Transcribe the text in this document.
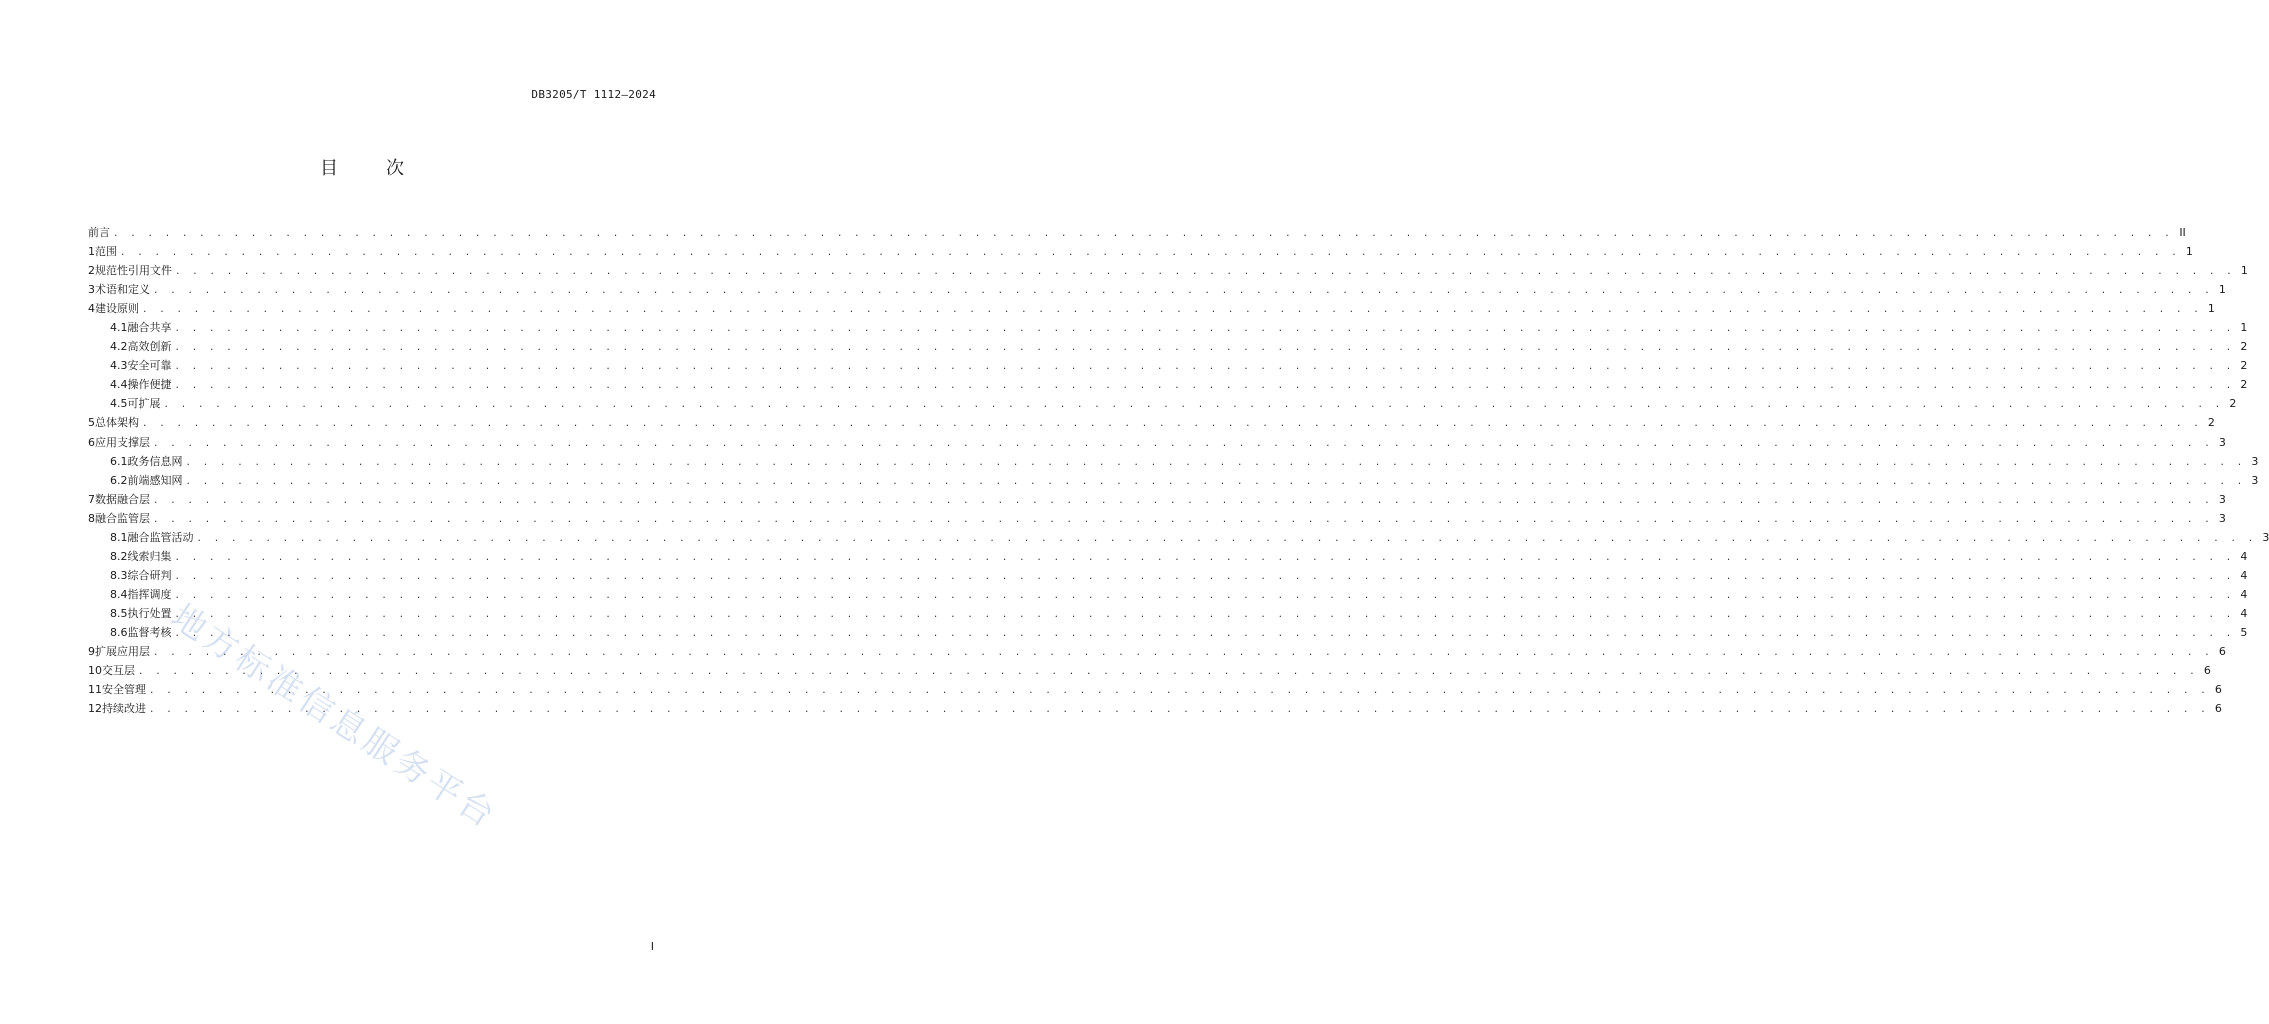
DB3205/T 1112—2024
目	次
前言 . . . . . . . . . . . . . . . . . . . . . . . . . . . . . . . . . . . . . . . . . . . . . . . . . . . . . . . . . . . . . . . . . . . . . . . . . . . . . . . . . . . . . . . . . . . . . . . . . . . . . . . . . . . . . . . . . . . . . . . . II
1 范围 . . . . . . . . . . . . . . . . . . . . . . . . . . . . . . . . . . . . . . . . . . . . . . . . . . . . . . . . . . . . . . . . . . . . . . . . . . . . . . . . . . . . . . . . . . . . . . . . . . . . . . . . . . . . . . . . . . . . . . . . 1
2 规范性引用文件 . . . . . . . . . . . . . . . . . . . . . . . . . . . . . . . . . . . . . . . . . . . . . . . . . . . . . . . . . . . . . . . . . . . . . . . . . . . . . . . . . . . . . . . . . . . . . . . . . . . . . . . . . . . . . . . . . . . . . . . . 1
3 术语和定义 . . . . . . . . . . . . . . . . . . . . . . . . . . . . . . . . . . . . . . . . . . . . . . . . . . . . . . . . . . . . . . . . . . . . . . . . . . . . . . . . . . . . . . . . . . . . . . . . . . . . . . . . . . . . . . . . . . . . . . . . 1
4 建设原则 . . . . . . . . . . . . . . . . . . . . . . . . . . . . . . . . . . . . . . . . . . . . . . . . . . . . . . . . . . . . . . . . . . . . . . . . . . . . . . . . . . . . . . . . . . . . . . . . . . . . . . . . . . . . . . . . . . . . . . . . 1
4.1 融合共享 . . . . . . . . . . . . . . . . . . . . . . . . . . . . . . . . . . . . . . . . . . . . . . . . . . . . . . . . . . . . . . . . . . . . . . . . . . . . . . . . . . . . . . . . . . . . . . . . . . . . . . . . . . . . . . . . . . . . . . . . 1
4.2 高效创新 . . . . . . . . . . . . . . . . . . . . . . . . . . . . . . . . . . . . . . . . . . . . . . . . . . . . . . . . . . . . . . . . . . . . . . . . . . . . . . . . . . . . . . . . . . . . . . . . . . . . . . . . . . . . . . . . . . . . . . . . 2
4.3 安全可靠 . . . . . . . . . . . . . . . . . . . . . . . . . . . . . . . . . . . . . . . . . . . . . . . . . . . . . . . . . . . . . . . . . . . . . . . . . . . . . . . . . . . . . . . . . . . . . . . . . . . . . . . . . . . . . . . . . . . . . . . . 2
4.4 操作便捷 . . . . . . . . . . . . . . . . . . . . . . . . . . . . . . . . . . . . . . . . . . . . . . . . . . . . . . . . . . . . . . . . . . . . . . . . . . . . . . . . . . . . . . . . . . . . . . . . . . . . . . . . . . . . . . . . . . . . . . . . 2
4.5 可扩展 . . . . . . . . . . . . . . . . . . . . . . . . . . . . . . . . . . . . . . . . . . . . . . . . . . . . . . . . . . . . . . . . . . . . . . . . . . . . . . . . . . . . . . . . . . . . . . . . . . . . . . . . . . . . . . . . . . . . . . . . 2
5 总体架构 . . . . . . . . . . . . . . . . . . . . . . . . . . . . . . . . . . . . . . . . . . . . . . . . . . . . . . . . . . . . . . . . . . . . . . . . . . . . . . . . . . . . . . . . . . . . . . . . . . . . . . . . . . . . . . . . . . . . . . . . 2
6 应用支撑层 . . . . . . . . . . . . . . . . . . . . . . . . . . . . . . . . . . . . . . . . . . . . . . . . . . . . . . . . . . . . . . . . . . . . . . . . . . . . . . . . . . . . . . . . . . . . . . . . . . . . . . . . . . . . . . . . . . . . . . . . 3
6.1 政务信息网 . . . . . . . . . . . . . . . . . . . . . . . . . . . . . . . . . . . . . . . . . . . . . . . . . . . . . . . . . . . . . . . . . . . . . . . . . . . . . . . . . . . . . . . . . . . . . . . . . . . . . . . . . . . . . . . . . . . . . . . . 3
6.2 前端感知网 . . . . . . . . . . . . . . . . . . . . . . . . . . . . . . . . . . . . . . . . . . . . . . . . . . . . . . . . . . . . . . . . . . . . . . . . . . . . . . . . . . . . . . . . . . . . . . . . . . . . . . . . . . . . . . . . . . . . . . . . 3
7 数据融合层 . . . . . . . . . . . . . . . . . . . . . . . . . . . . . . . . . . . . . . . . . . . . . . . . . . . . . . . . . . . . . . . . . . . . . . . . . . . . . . . . . . . . . . . . . . . . . . . . . . . . . . . . . . . . . . . . . . . . . . . . 3
8 融合监管层 . . . . . . . . . . . . . . . . . . . . . . . . . . . . . . . . . . . . . . . . . . . . . . . . . . . . . . . . . . . . . . . . . . . . . . . . . . . . . . . . . . . . . . . . . . . . . . . . . . . . . . . . . . . . . . . . . . . . . . . . 3
8.1 融合监管活动 . . . . . . . . . . . . . . . . . . . . . . . . . . . . . . . . . . . . . . . . . . . . . . . . . . . . . . . . . . . . . . . . . . . . . . . . . . . . . . . . . . . . . . . . . . . . . . . . . . . . . . . . . . . . . . . . . . . . . . . . 3
8.2 线索归集 . . . . . . . . . . . . . . . . . . . . . . . . . . . . . . . . . . . . . . . . . . . . . . . . . . . . . . . . . . . . . . . . . . . . . . . . . . . . . . . . . . . . . . . . . . . . . . . . . . . . . . . . . . . . . . . . . . . . . . . . 4
8.3 综合研判 . . . . . . . . . . . . . . . . . . . . . . . . . . . . . . . . . . . . . . . . . . . . . . . . . . . . . . . . . . . . . . . . . . . . . . . . . . . . . . . . . . . . . . . . . . . . . . . . . . . . . . . . . . . . . . . . . . . . . . . . 4
8.4 指挥调度 . . . . . . . . . . . . . . . . . . . . . . . . . . . . . . . . . . . . . . . . . . . . . . . . . . . . . . . . . . . . . . . . . . . . . . . . . . . . . . . . . . . . . . . . . . . . . . . . . . . . . . . . . . . . . . . . . . . . . . . . 4
8.5 执行处置 . . . . . . . . . . . . . . . . . . . . . . . . . . . . . . . . . . . . . . . . . . . . . . . . . . . . . . . . . . . . . . . . . . . . . . . . . . . . . . . . . . . . . . . . . . . . . . . . . . . . . . . . . . . . . . . . . . . . . . . . 4
8.6 监督考核 . . . . . . . . . . . . . . . . . . . . . . . . . . . . . . . . . . . . . . . . . . . . . . . . . . . . . . . . . . . . . . . . . . . . . . . . . . . . . . . . . . . . . . . . . . . . . . . . . . . . . . . . . . . . . . . . . . . . . . . . 5
9 扩展应用层 . . . . . . . . . . . . . . . . . . . . . . . . . . . . . . . . . . . . . . . . . . . . . . . . . . . . . . . . . . . . . . . . . . . . . . . . . . . . . . . . . . . . . . . . . . . . . . . . . . . . . . . . . . . . . . . . . . . . . . . . 6
10 交互层 . . . . . . . . . . . . . . . . . . . . . . . . . . . . . . . . . . . . . . . . . . . . . . . . . . . . . . . . . . . . . . . . . . . . . . . . . . . . . . . . . . . . . . . . . . . . . . . . . . . . . . . . . . . . . . . . . . . . . . . . 6
11 安全管理 . . . . . . . . . . . . . . . . . . . . . . . . . . . . . . . . . . . . . . . . . . . . . . . . . . . . . . . . . . . . . . . . . . . . . . . . . . . . . . . . . . . . . . . . . . . . . . . . . . . . . . . . . . . . . . . . . . . . . . . . 6
12 持续改进 . . . . . . . . . . . . . . . . . . . . . . . . . . . . . . . . . . . . . . . . . . . . . . . . . . . . . . . . . . . . . . . . . . . . . . . . . . . . . . . . . . . . . . . . . . . . . . . . . . . . . . . . . . . . . . . . . . . . . . . . 6
地方标准信息服务平台
I
